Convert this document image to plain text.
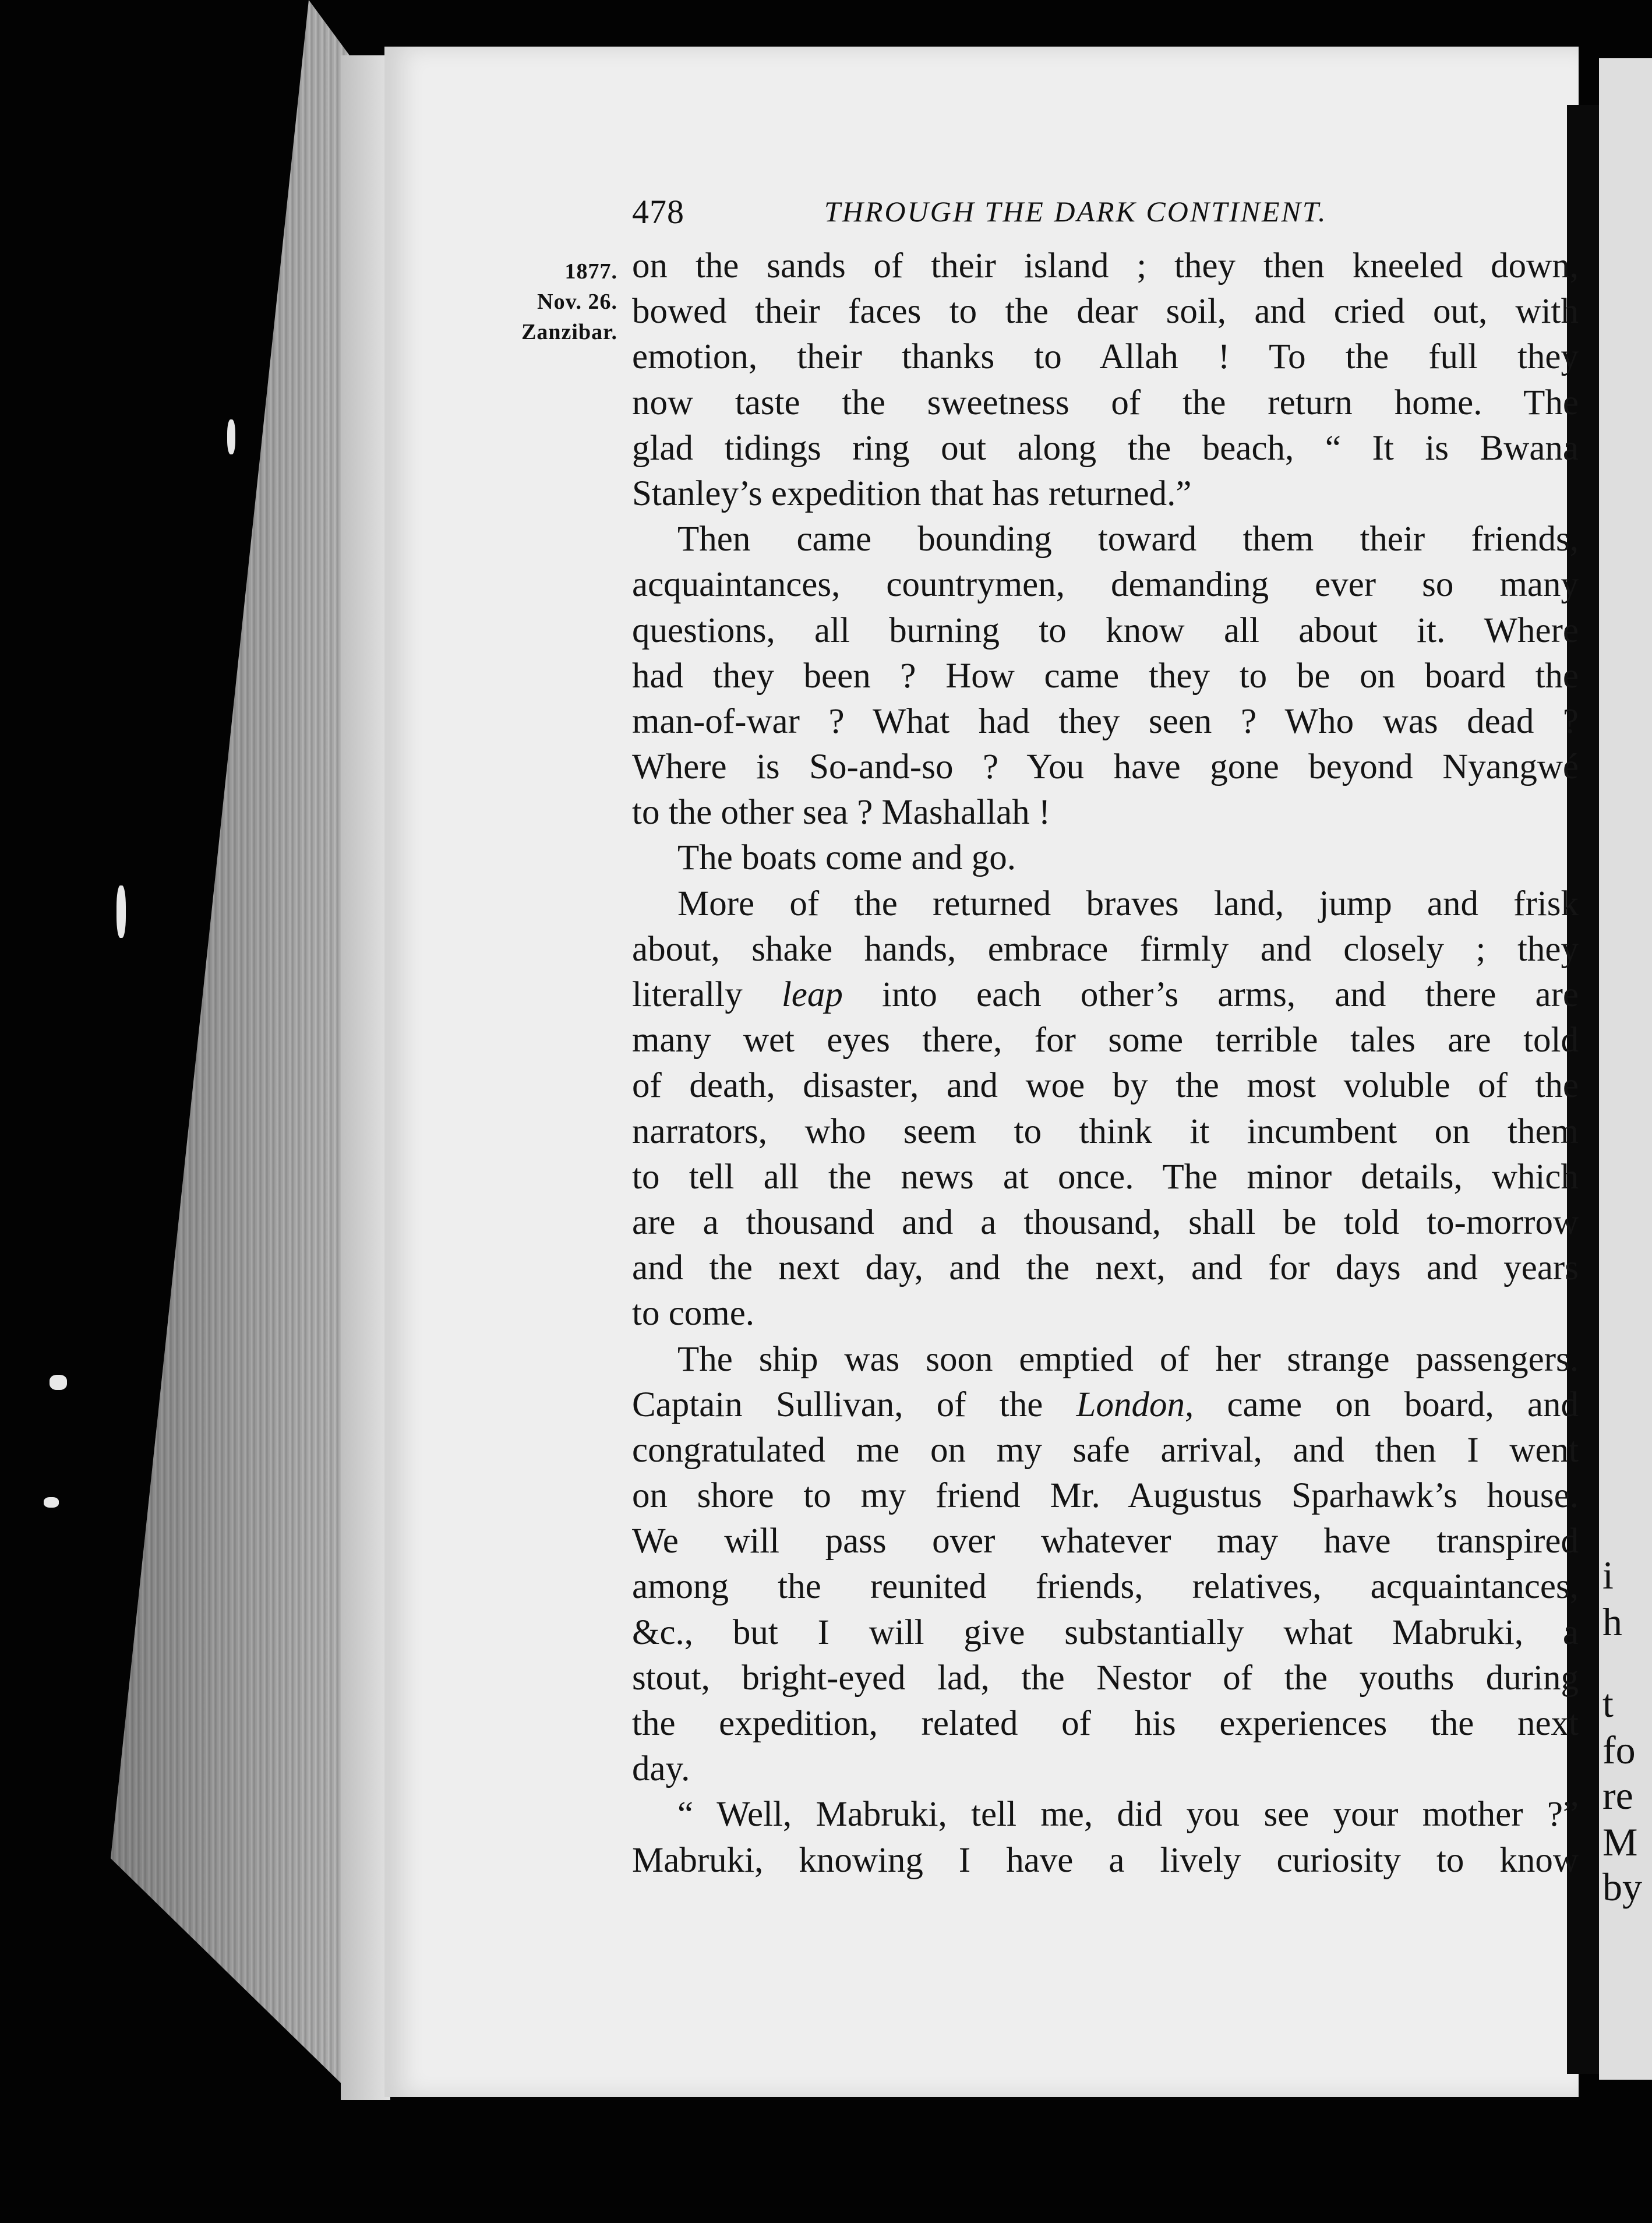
i
h
t
fo
re
M
by
478	THROUGH THE DARK CONTINENT.
1877.
Nov. 26.
Zanzibar.
on the sands of their island ; they then kneeled down,
bowed their faces to the dear soil, and cried out, with
emotion, their thanks to Allah ! To the full they
now taste the sweetness of the return home. The
glad tidings ring out along the beach, “ It is Bwana
Stanley’s expedition that has returned.”
Then came bounding toward them their friends,
acquaintances, countrymen, demanding ever so many
questions, all burning to know all about it. Where
had they been ? How came they to be on board the
man-of-war ? What had they seen ? Who was dead ?
Where is So-and-so ? You have gone beyond Nyangwé
to the other sea ? Mashallah !
The boats come and go.
More of the returned braves land, jump and frisk
about, shake hands, embrace firmly and closely ; they
literally leap into each other’s arms, and there are
many wet eyes there, for some terrible tales are told
of death, disaster, and woe by the most voluble of the
narrators, who seem to think it incumbent on them
to tell all the news at once. The minor details, which
are a thousand and a thousand, shall be told to-morrow
and the next day, and the next, and for days and years
to come.
The ship was soon emptied of her strange passengers.
Captain Sullivan, of the London, came on board, and
congratulated me on my safe arrival, and then I went
on shore to my friend Mr. Augustus Sparhawk’s house.
We will pass over whatever may have transpired
among the reunited friends, relatives, acquaintances,
&c., but I will give substantially what Mabruki, a
stout, bright-eyed lad, the Nestor of the youths during
the expedition, related of his experiences the next
day.
“ Well, Mabruki, tell me, did you see your mother ?”
Mabruki, knowing I have a lively curiosity to know
